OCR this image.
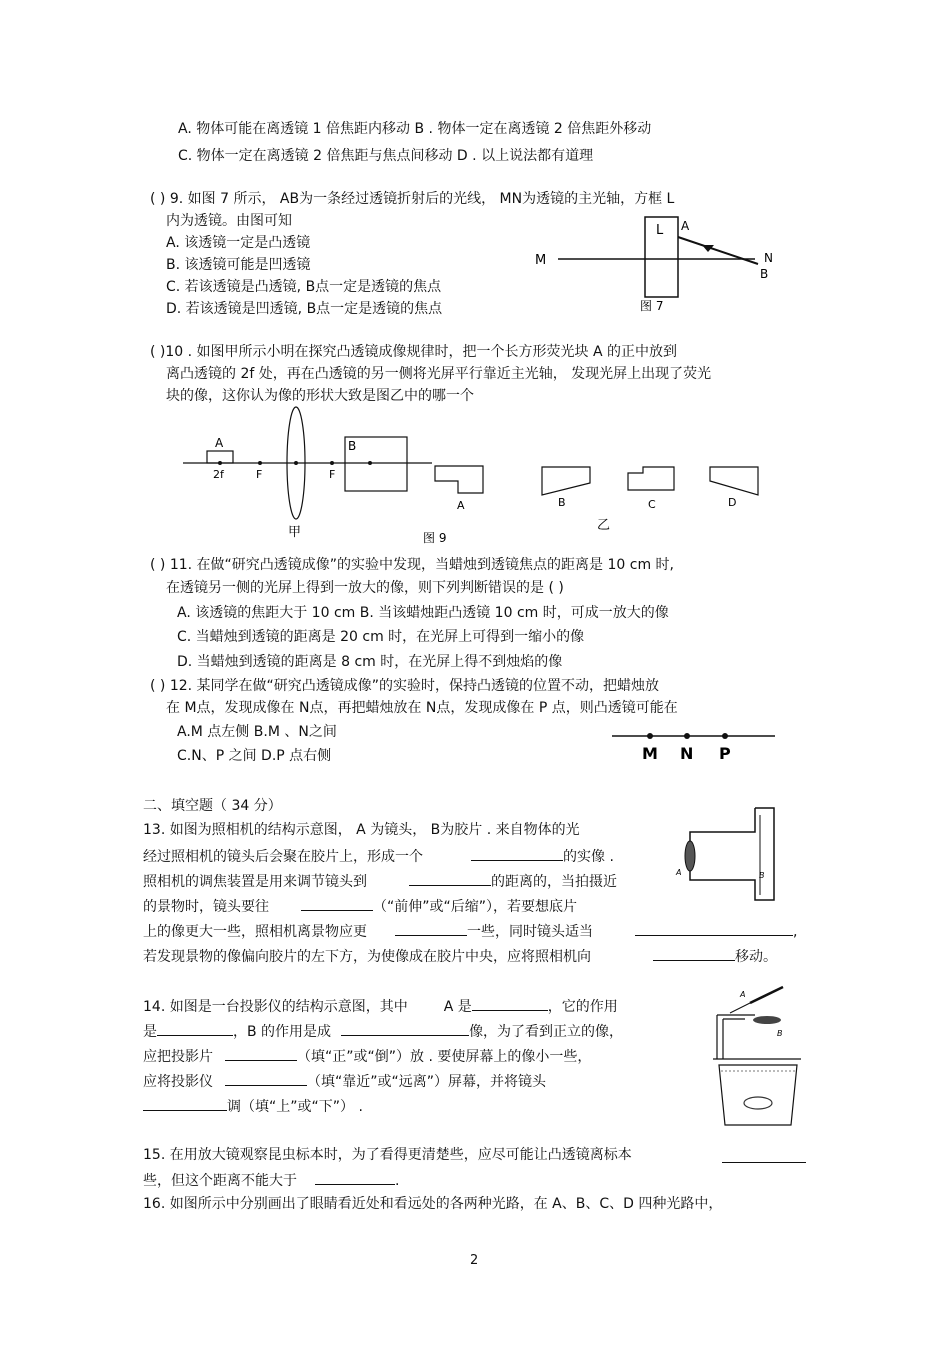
A. 物体可能在离透镜 1 倍焦距内移动 B . 物体一定在离透镜 2 倍焦距外移动
C. 物体一定在离透镜 2 倍焦距与焦点间移动 D . 以上说法都有道理
( ) 9. 如图 7 所示， AB为一条经过透镜折射后的光线， MN为透镜的主光轴，方框 L
内为透镜。由图可知
A. 该透镜一定是凸透镜
B. 该透镜可能是凹透镜
C. 若该透镜是凸透镜, B点一定是透镜的焦点
D. 若该透镜是凹透镜, B点一定是透镜的焦点
L A
M	N
B
图 7
( )10 . 如图甲所示小明在探究凸透镜成像规律时，把一个长方形荧光块 A 的正中放到
离凸透镜的 2f 处，再在凸透镜的另一侧将光屏平行靠近主光轴， 发现光屏上出现了荧光
块的像，这你认为像的形状大致是图乙中的哪一个
A
2f	F	F
B
甲
A	B	C	D
乙
图 9
( ) 11. 在做“研究凸透镜成像”的实验中发现，当蜡烛到透镜焦点的距离是 10 cm 时,
在透镜另一侧的光屏上得到一放大的像，则下列判断错误的是 ( )
A. 该透镜的焦距大于 10 cm B. 当该蜡烛距凸透镜 10 cm 时，可成一放大的像
C. 当蜡烛到透镜的距离是 20 cm 时，在光屏上可得到一缩小的像
D. 当蜡烛到透镜的距离是 8 cm 时，在光屏上得不到烛焰的像
( ) 12. 某同学在做“研究凸透镜成像”的实验时，保持凸透镜的位置不动，把蜡烛放
在 M点，发现成像在 N点，再把蜡烛放在 N点，发现成像在 P 点，则凸透镜可能在
A.M 点左侧 B.M 、N之间
C.N、P 之间 D.P 点右侧	M N P
二、填空题（ 34 分）
13. 如图为照相机的结构示意图， A 为镜头， B为胶片 . 来自物体的光
经过照相机的镜头后会聚在胶片上，形成一个	的实像 .
照相机的调焦装置是用来调节镜头到	的距离的，当拍摄近
的景物时，镜头要往	（“前伸”或“后缩”），若要想底片
上的像更大一些，照相机离景物应更	一些，同时镜头适当	,
若发现景物的像偏向胶片的左下方，为使像成在胶片中央，应将照相机向	移动。
A	B
14. 如图是一台投影仪的结构示意图，其中	A 是	，它的作用
是	，B 的作用是成	像，为了看到正立的像，
应把投影片	（填“正”或“倒”）放 . 要使屏幕上的像小一些，
应将投影仪	（填“靠近”或“远离”）屏幕，并将镜头
调（填“上”或“下”） .
A
B
15. 在用放大镜观察昆虫标本时，为了看得更清楚些，应尽可能让凸透镜离标本
些，但这个距离不能大于	.
16. 如图所示中分别画出了眼睛看近处和看远处的各两种光路，在 A、B、C、D 四种光路中，
2
